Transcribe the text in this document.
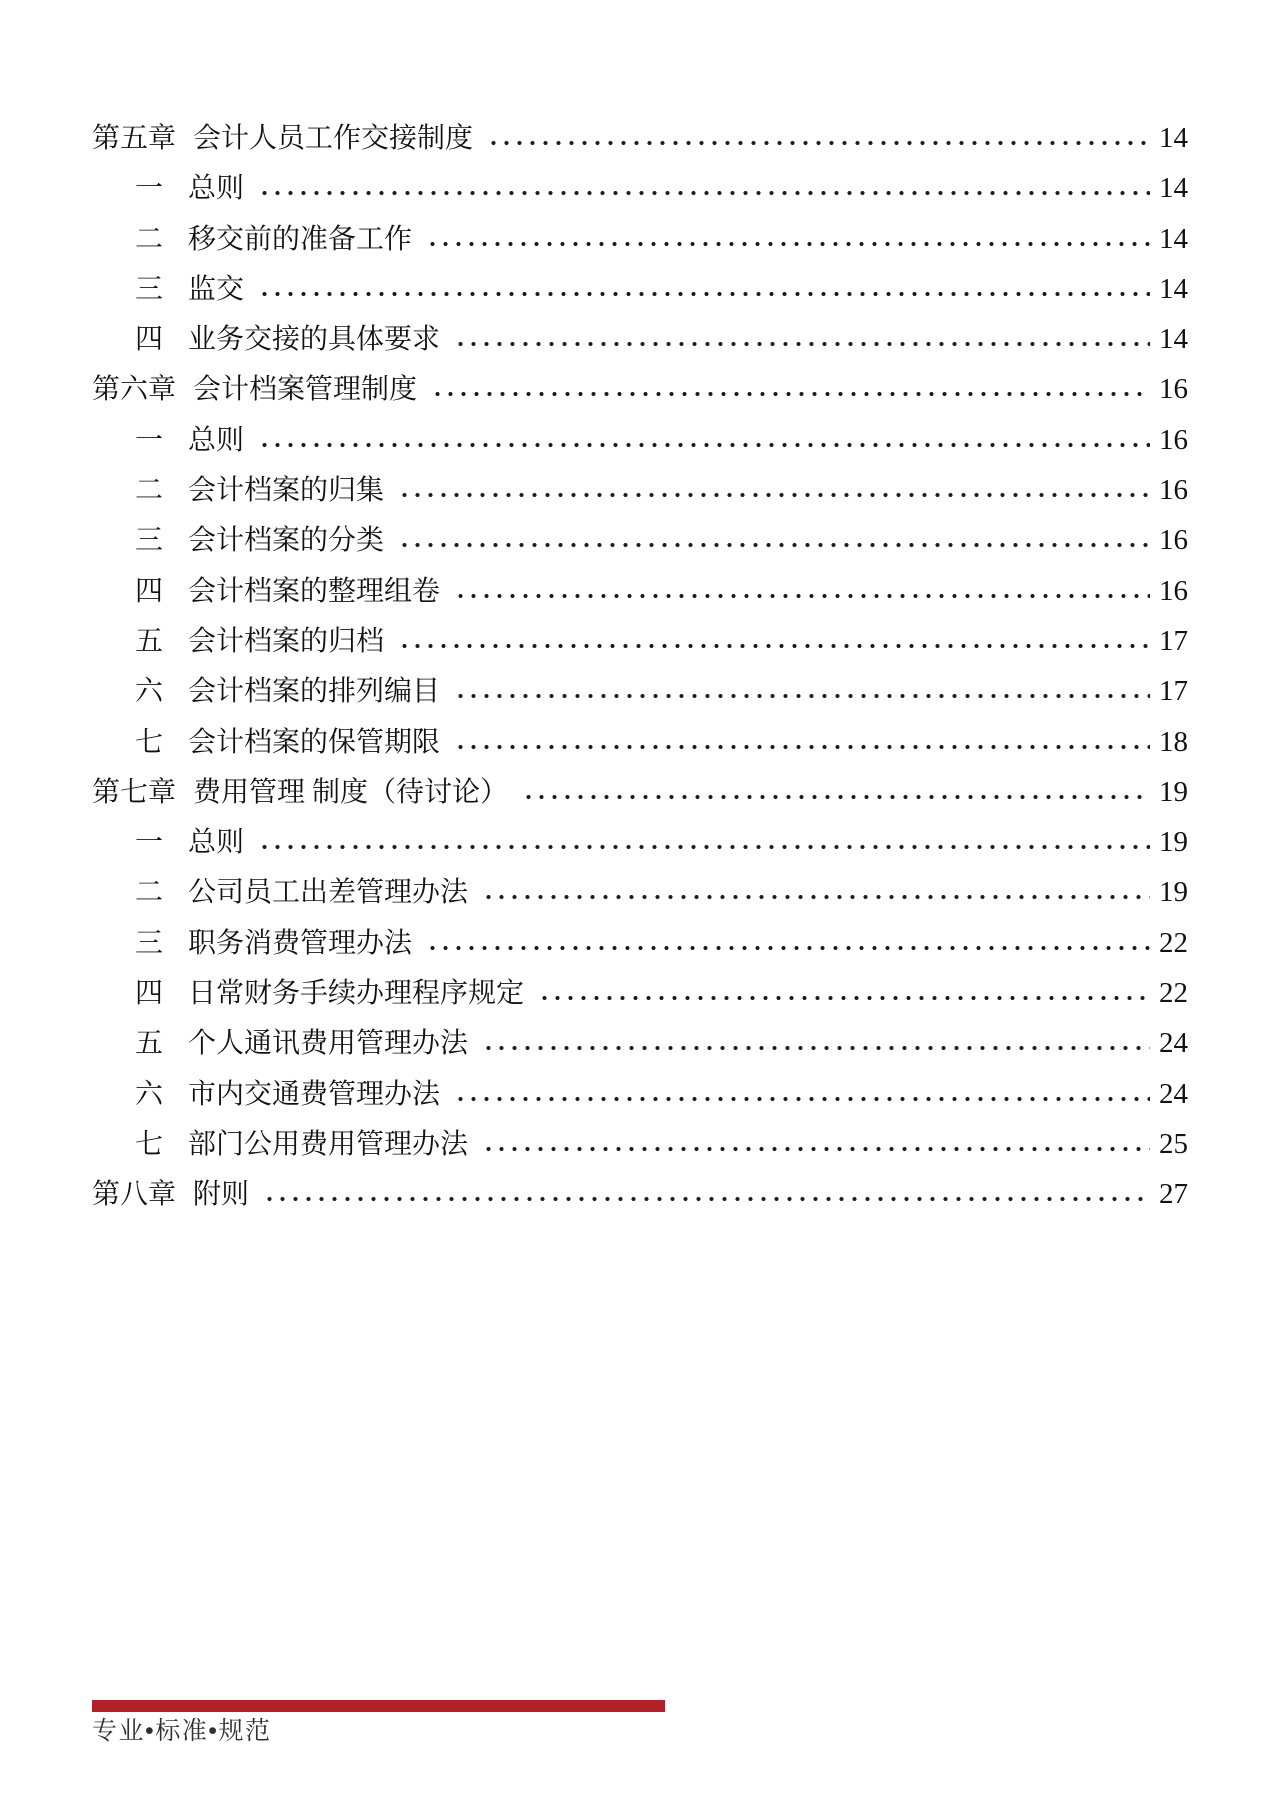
第五章 会计人员工作交接制度	14
一 总则	14
二 移交前的准备工作	14
三 监交	14
四 业务交接的具体要求	14
第六章 会计档案管理制度	16
一 总则	16
二 会计档案的归集	16
三 会计档案的分类	16
四 会计档案的整理组卷	16
五 会计档案的归档	17
六 会计档案的排列编目	17
七 会计档案的保管期限	18
第七章 费用管理 制度（待讨论）	19
一 总则	19
二 公司员工出差管理办法	19
三 职务消费管理办法	22
四 日常财务手续办理程序规定	22
五 个人通讯费用管理办法	24
六 市内交通费管理办法	24
七 部门公用费用管理办法	25
第八章 附则	27
专业•标准•规范
